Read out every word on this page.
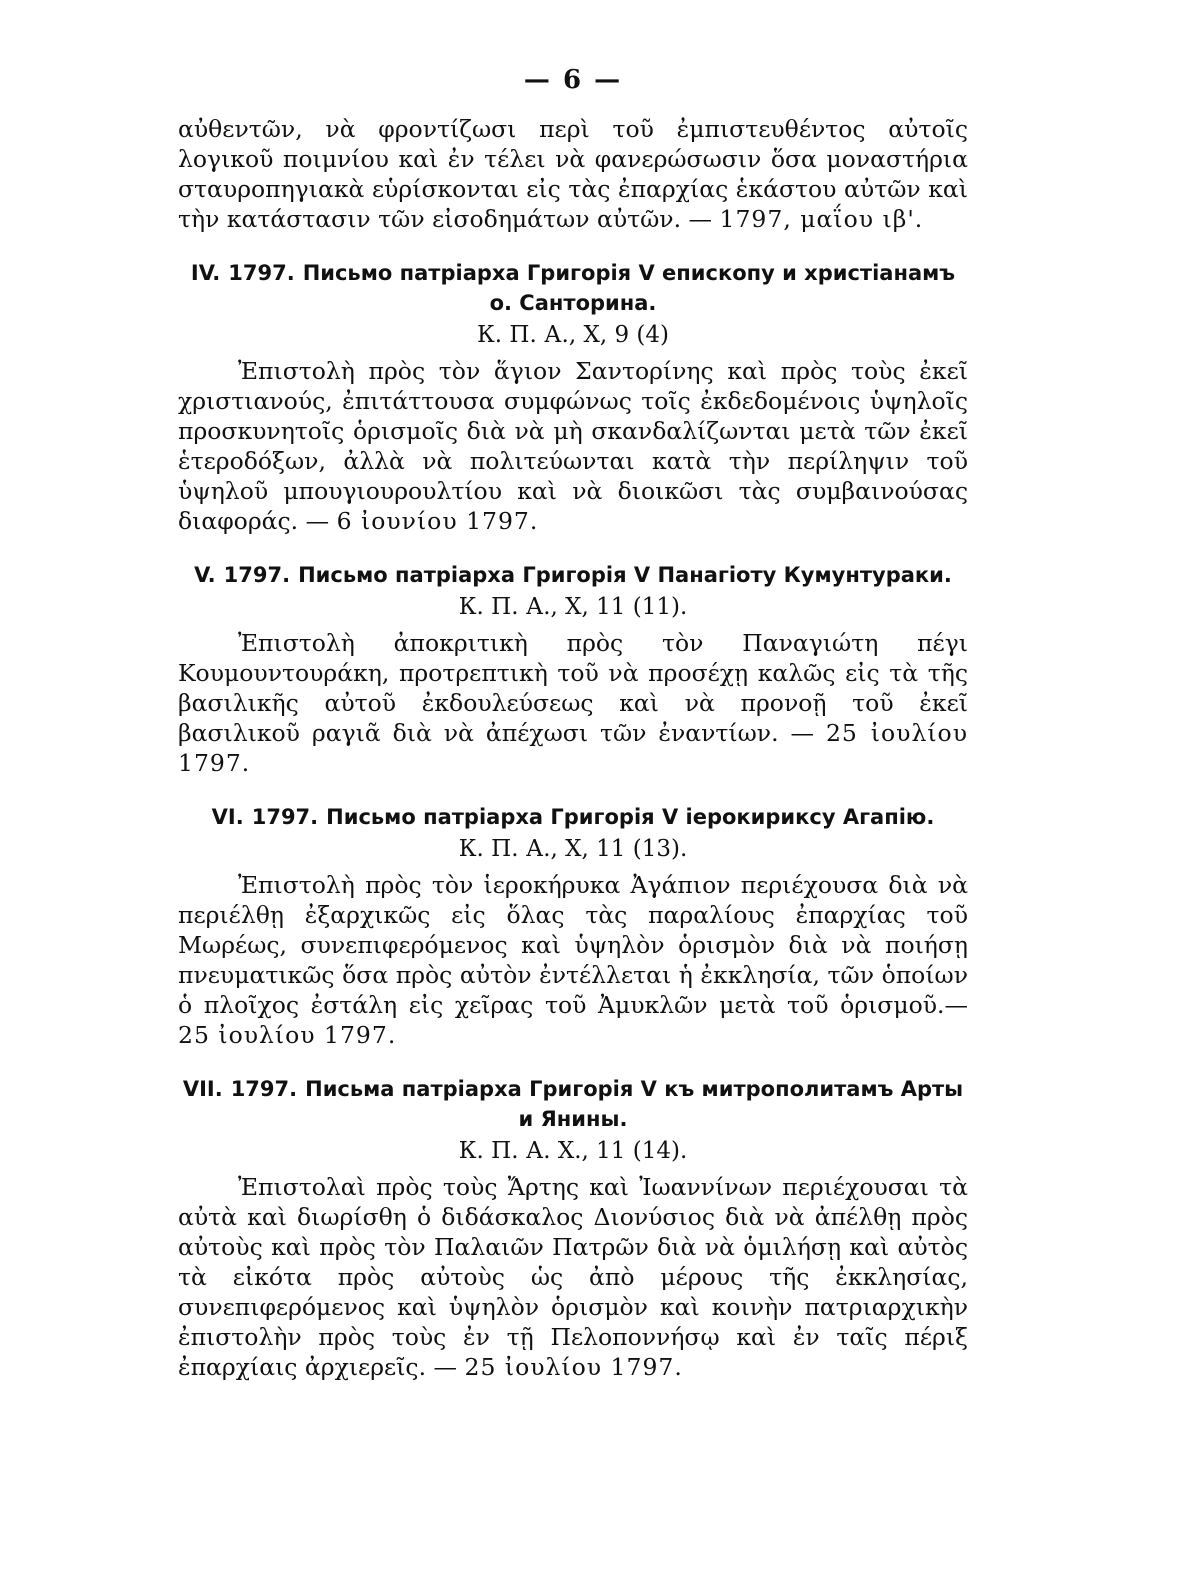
— 6 —

αὐθεντῶν, νὰ φροντίζωσι περὶ τοῦ ἐμπιστευθέντος αὐτοῖς λογικοῦ ποιμνίου καὶ ἐν τέλει νὰ φανερώσωσιν ὅσα μοναστήρια σταυροπηγιακὰ εὑρίσκονται εἰς τὰς ἐπαρχίας ἑκάστου αὐτῶν καὶ τὴν κατάστασιν τῶν εἰσοδημάτων αὐτῶν. — 1797, μαΐου ιβ'.

IV. 1797. Письмо патріарха Григорія V епископу и христіанамъ о. Санторина.

К. П. А., X, 9 (4)

Ἐπιστολὴ πρὸς τὸν ἅγιον Σαντορίνης καὶ πρὸς τοὺς ἐκεῖ χριστιανούς, ἐπιτάττουσα συμφώνως τοῖς ἐκδεδομένοις ὑψηλοῖς προσκυνητοῖς ὁρισμοῖς διὰ νὰ μὴ σκανδαλίζωνται μετὰ τῶν ἐκεῖ ἑτεροδόξων, ἀλλὰ νὰ πολιτεύωνται κατὰ τὴν περίληψιν τοῦ ὑψηλοῦ μπουγιουρουλτίου καὶ νὰ διοικῶσι τὰς συμβαινούσας διαφοράς. — 6 ἰουνίου 1797.

V. 1797. Письмо патріарха Григорія V Панагіоту Кумунтураки.

К. П. А., X, 11 (11).

Ἐπιστολὴ ἀποκριτικὴ πρὸς τὸν Παναγιώτη πέγι Κουμουντουράκη, προτρεπτικὴ τοῦ νὰ προσέχῃ καλῶς εἰς τὰ τῆς βασιλικῆς αὐτοῦ ἐκδουλεύσεως καὶ νὰ προνοῇ τοῦ ἐκεῖ βασιλικοῦ ραγιᾶ διὰ νὰ ἀπέχωσι τῶν ἐναντίων. — 25 ἰουλίου 1797.

VI. 1797. Письмо патріарха Григорія V іерокириксу Агапію.

К. П. А., X, 11 (13).

Ἐπιστολὴ πρὸς τὸν ἱεροκήρυκα Ἀγάπιον περιέχουσα διὰ νὰ περιέλθῃ ἐξαρχικῶς εἰς ὅλας τὰς παραλίους ἐπαρχίας τοῦ Μωρέως, συνεπιφερόμενος καὶ ὑψηλὸν ὁρισμὸν διὰ νὰ ποιήσῃ πνευματικῶς ὅσα πρὸς αὐτὸν ἐντέλλεται ἡ ἐκκλησία, τῶν ὁποίων ὁ πλοῖχος ἐστάλη εἰς χεῖρας τοῦ Ἀμυκλῶν μετὰ τοῦ ὁρισμοῦ.— 25 ἰουλίου 1797.

VII. 1797. Письма патріарха Григорія V къ митрополитамъ Арты и Янины.

К. П. А. X., 11 (14).

Ἐπιστολαὶ πρὸς τοὺς Ἄρτης καὶ Ἰωαννίνων περιέχουσαι τὰ αὐτὰ καὶ διωρίσθη ὁ διδάσκαλος Διονύσιος διὰ νὰ ἀπέλθῃ πρὸς αὐτοὺς καὶ πρὸς τὸν Παλαιῶν Πατρῶν διὰ νὰ ὁμιλήσῃ καὶ αὐτὸς τὰ εἰκότα πρὸς αὐτοὺς ὡς ἀπὸ μέρους τῆς ἐκκλησίας, συνεπιφερόμενος καὶ ὑψηλὸν ὁρισμὸν καὶ κοινὴν πατριαρχικὴν ἐπιστολὴν πρὸς τοὺς ἐν τῇ Πελοποννήσῳ καὶ ἐν ταῖς πέριξ ἐπαρχίαις ἀρχιερεῖς. — 25 ἰουλίου 1797.
